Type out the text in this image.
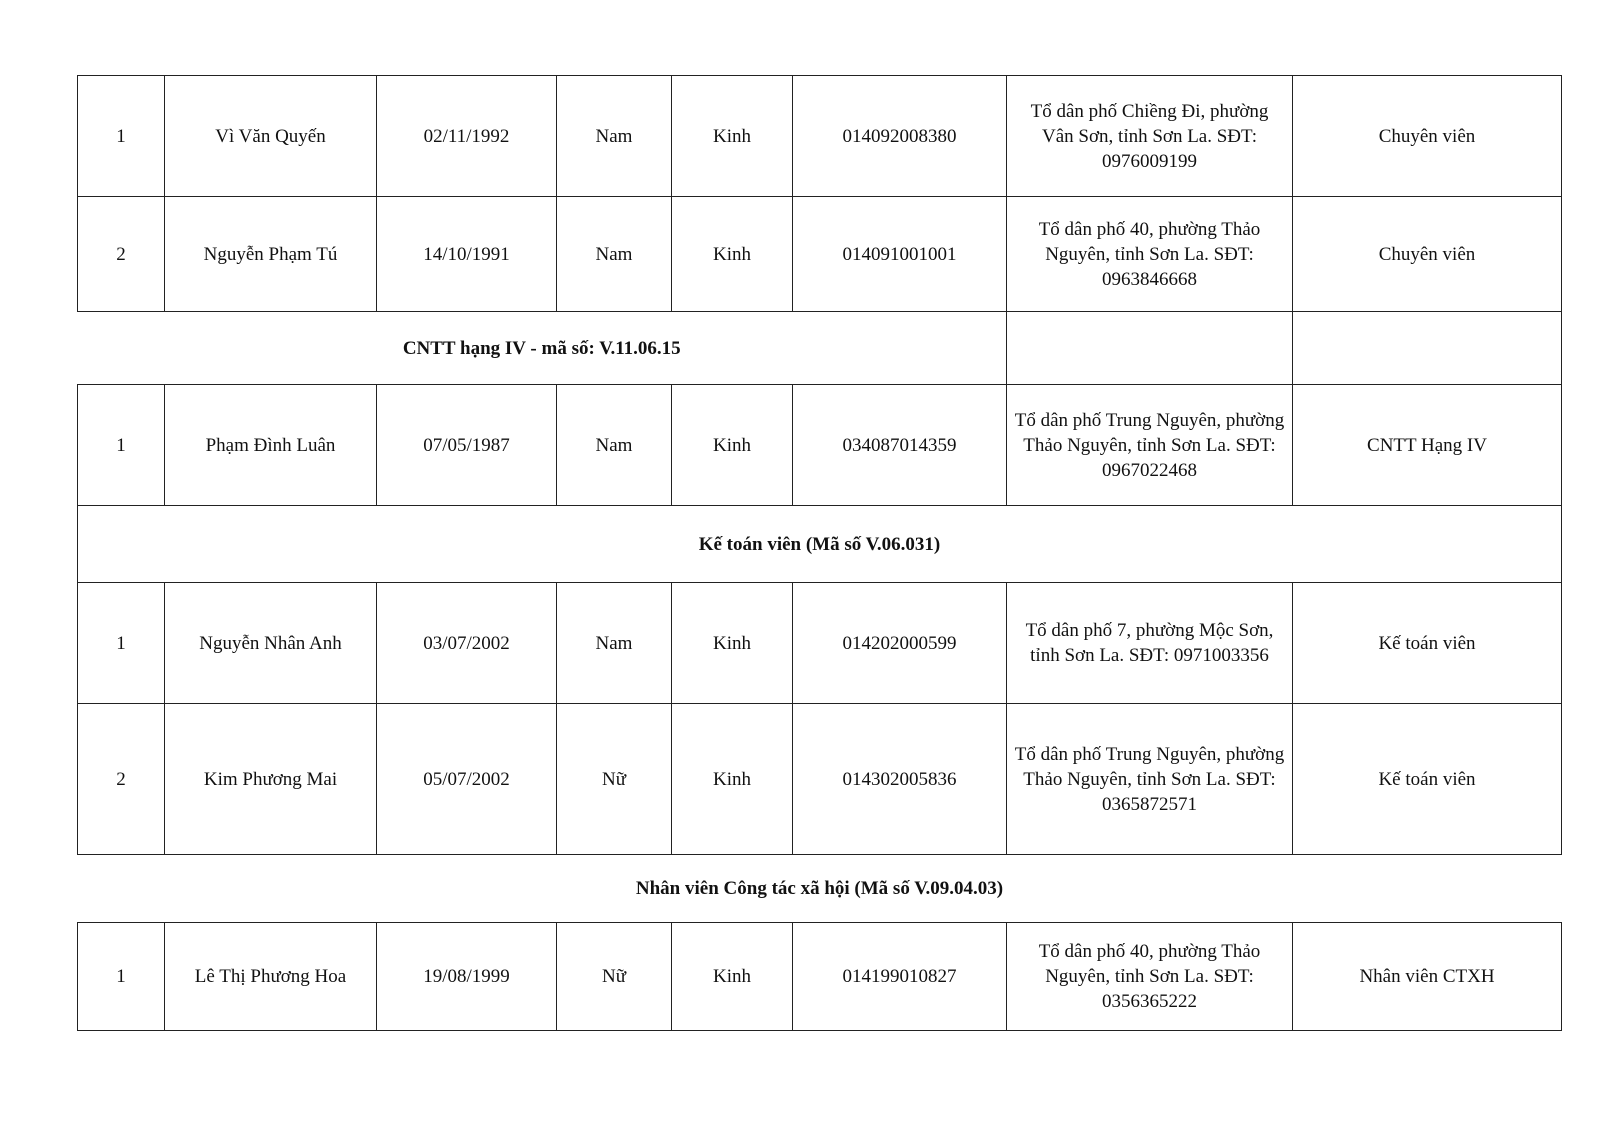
1	Vì Văn Quyến	02/11/1992	Nam	Kinh	014092008380	Tổ dân phố Chiềng Đi, phường Vân Sơn, tỉnh Sơn La. SĐT: 0976009199	Chuyên viên
2	Nguyễn Phạm Tú	14/10/1991	Nam	Kinh	014091001001	Tổ dân phố 40, phường Thảo Nguyên, tỉnh Sơn La. SĐT: 0963846668	Chuyên viên
CNTT hạng IV - mã số: V.11.06.15							
1	Phạm Đình Luân	07/05/1987	Nam	Kinh	034087014359	Tổ dân phố Trung Nguyên, phường Thảo Nguyên, tỉnh Sơn La. SĐT: 0967022468	CNTT Hạng IV
Kế toán viên (Mã số V.06.031)							
1	Nguyễn Nhân Anh	03/07/2002	Nam	Kinh	014202000599	Tổ dân phố 7, phường Mộc Sơn, tỉnh Sơn La. SĐT: 0971003356	Kế toán viên
2	Kim Phương Mai	05/07/2002	Nữ	Kinh	014302005836	Tổ dân phố Trung Nguyên, phường Thảo Nguyên, tỉnh Sơn La. SĐT: 0365872571	Kế toán viên
Nhân viên Công tác xã hội (Mã số V.09.04.03)							
1	Lê Thị Phương Hoa	19/08/1999	Nữ	Kinh	014199010827	Tổ dân phố 40, phường Thảo Nguyên, tỉnh Sơn La. SĐT: 0356365222	Nhân viên CTXH
